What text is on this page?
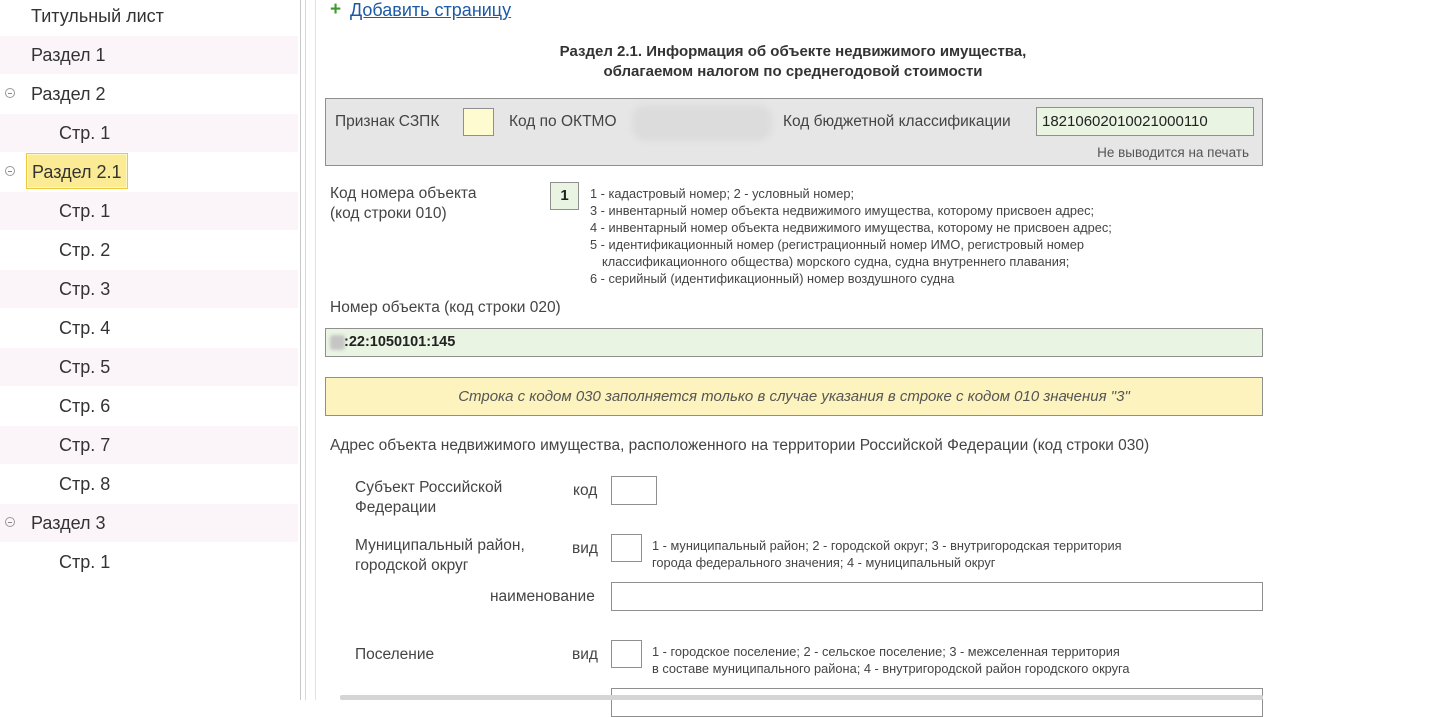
Титульный лист
Раздел 1
Раздел 2
Стр. 1
Раздел 2.1
Стр. 1
Стр. 2
Стр. 3
Стр. 4
Стр. 5
Стр. 6
Стр. 7
Стр. 8
Раздел 3
Стр. 1
+ Добавить страницу
Раздел 2.1. Информация об объекте недвижимого имущества,
облагаемом налогом по среднегодовой стоимости
Признак СЗПК	Код по ОКТМО	Код бюджетной классификации	18210602010021000110
Не выводится на печать
Код номера объекта
(код строки 010)
1	1 - кадастровый номер; 2 - условный номер;
3 - инвентарный номер объекта недвижимого имущества, которому присвоен адрес;
4 - инвентарный номер объекта недвижимого имущества, которому не присвоен адрес;
5 - идентификационный номер (регистрационный номер ИМО, регистровый номер
классификационного общества) морского судна, судна внутреннего плавания;
6 - серийный (идентификационный) номер воздушного судна
Номер объекта (код строки 020)
:22:1050101:145
Строка с кодом 030 заполняется только в случае указания в строке с кодом 010 значения "3"
Адрес объекта недвижимого имущества, расположенного на территории Российской Федерации (код строки 030)
Субъект Российской
Федерации
код
Муниципальный район,
городской округ
вид	1 - муниципальный район; 2 - городской округ; 3 - внутригородская территория
города федерального значения; 4 - муниципальный округ
наименование
Поселение	вид	1 - городское поселение; 2 - сельское поселение; 3 - межселенная территория
в составе муниципального района; 4 - внутригородской район городского округа
